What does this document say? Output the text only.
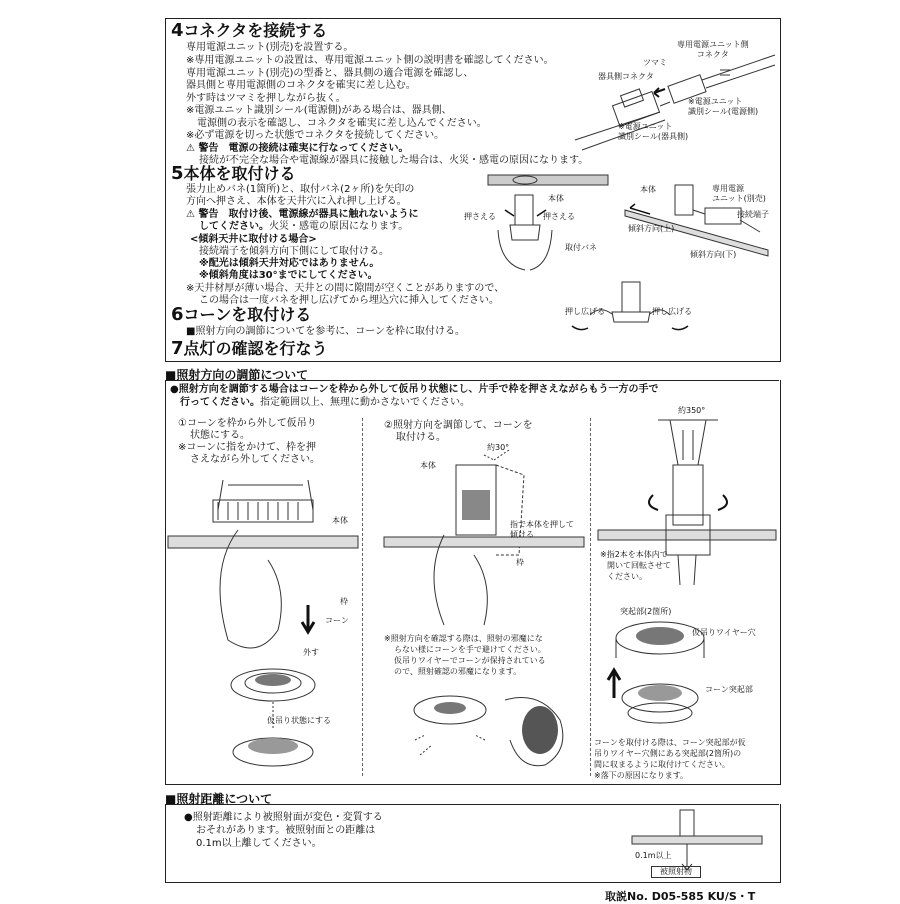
4コネクタを接続する
専用電源ユニット(別売)を設置する。
※専用電源ユニットの設置は、専用電源ユニット側の説明書を確認してください。
専用電源ユニット(別売)の型番と、器具側の適合電源を確認し、
器具側と専用電源側のコネクタを確実に差し込む。
外す時はツマミを押しながら抜く。
※電源ユニット識別シール(電源側)がある場合は、器具側、
電源側の表示を確認し、コネクタを確実に差し込んでください。
※必ず電源を切った状態でコネクタを接続してください。
⚠ 警告　電源の接続は確実に行なってください。
接続が不完全な場合や電源線が器具に接触した場合は、火災・感電の原因になります。
専用電源ユニット側
コネクタ
ツマミ
器具側コネクタ
※電源ユニット
識別シール(電源側)
※電源ユニット
識別シール(器具側)
5本体を取付ける
張力止めバネ(1箇所)と、取付バネ(2ヶ所)を矢印の
方向へ押さえ、本体を天井穴に入れ押し上げる。
⚠ 警告　取付け後、電源線が器具に触れないように
してください。火災・感電の原因になります。
<傾斜天井に取付ける場合>
接続端子を傾斜方向下側にして取付ける。
※配光は傾斜天井対応ではありません。
※傾斜角度は30°までにしてください。
※天井材厚が薄い場合、天井との間に隙間が空くことがありますので、
この場合は一度バネを押し広げてから埋込穴に挿入してください。
本体
押さえる	押さえる
取付バネ
本体	専用電源
ユニット(別売)
接続端子
傾斜方向(上)
傾斜方向(下)
押し広げる	押し広げる
6コーンを取付ける
■照射方向の調節についてを参考に、コーンを枠に取付ける。
7点灯の確認を行なう
■ 照射方向の調節について
●照射方向を調節する場合はコーンを枠から外して仮吊り状態にし、片手で枠を押さえながらもう一方の手で
行ってください。指定範囲以上、無理に動かさないでください。
①コーンを枠から外して仮吊り
状態にする。
※コーンに指をかけて、枠を押
さえながら外してください。
本体
枠
コーン
外す
仮吊り状態にする
②照射方向を調節して、コーンを
取付ける。
約30°
本体
指で本体を押して
傾ける
枠
※照射方向を確認する際は、照射の邪魔にな
らない様にコーンを手で避けてください。
仮吊りワイヤーでコーンが保持されている
ので、照射確認の邪魔になります。
約350°
※指2本を本体内で
開いて回転させて
ください。
突起部(2箇所)
仮吊りワイヤー穴
コーン突起部
コーンを取付ける際は、コーン突起部が仮
吊りワイヤー穴側にある突起部(2箇所)の
間に収まるように取付けてください。
※落下の原因になります。
■ 照射距離について
●照射距離により被照射面が変色・変質する
おそれがあります。被照射面との距離は
0.1m以上離してください。
0.1m以上
被照射物
取説No. D05-585 KU/S・T
